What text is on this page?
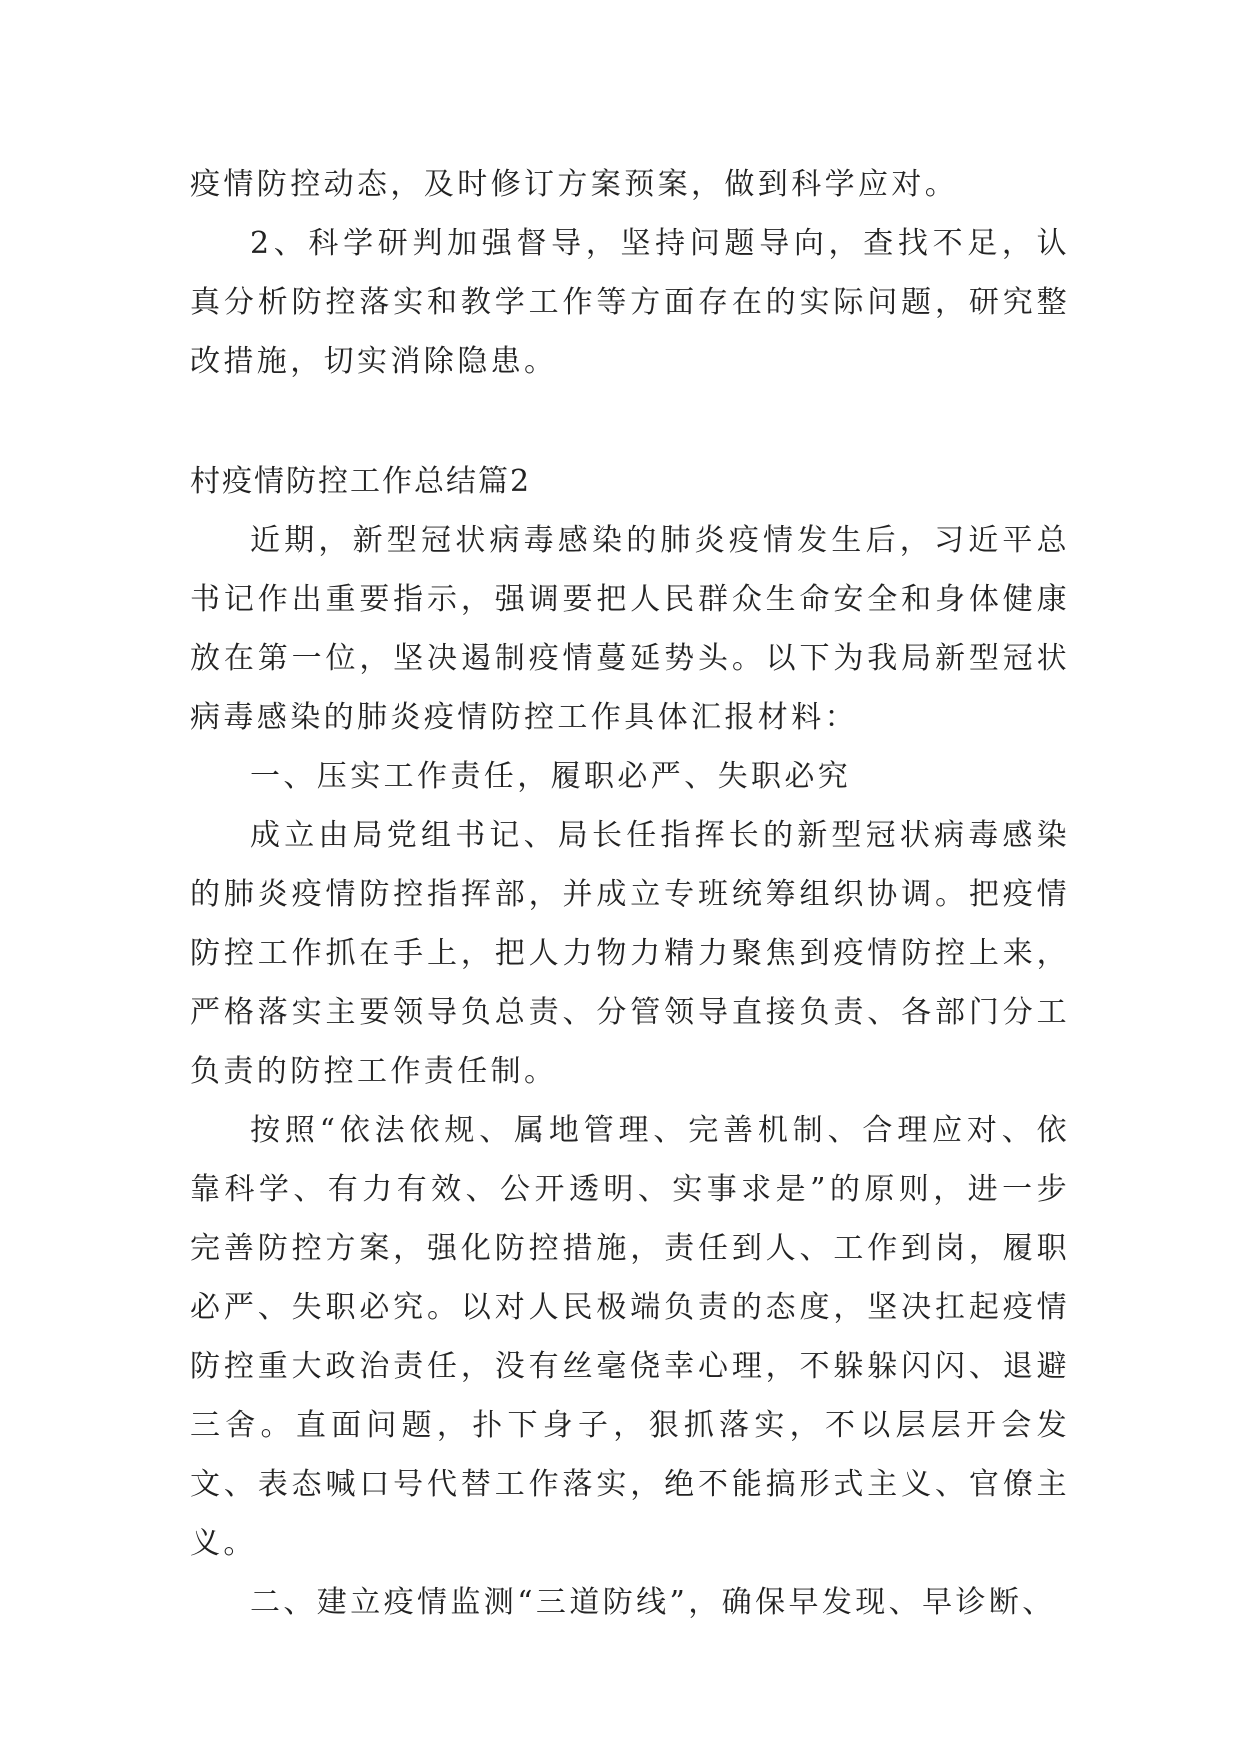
疫情防控动态，及时修订方案预案，做到科学应对。

2、科学研判加强督导，坚持问题导向，查找不足，认真分析防控落实和教学工作等方面存在的实际问题，研究整改措施，切实消除隐患。

村疫情防控工作总结篇2

近期，新型冠状病毒感染的肺炎疫情发生后，习近平总书记作出重要指示，强调要把人民群众生命安全和身体健康放在第一位，坚决遏制疫情蔓延势头。以下为我局新型冠状病毒感染的肺炎疫情防控工作具体汇报材料：

一、压实工作责任，履职必严、失职必究

成立由局党组书记、局长任指挥长的新型冠状病毒感染的肺炎疫情防控指挥部，并成立专班统筹组织协调。把疫情防控工作抓在手上，把人力物力精力聚焦到疫情防控上来，严格落实主要领导负总责、分管领导直接负责、各部门分工负责的防控工作责任制。

按照“依法依规、属地管理、完善机制、合理应对、依靠科学、有力有效、公开透明、实事求是”的原则，进一步完善防控方案，强化防控措施，责任到人、工作到岗，履职必严、失职必究。以对人民极端负责的态度，坚决扛起疫情防控重大政治责任，没有丝毫侥幸心理，不躲躲闪闪、退避三舍。直面问题，扑下身子，狠抓落实，不以层层开会发文、表态喊口号代替工作落实，绝不能搞形式主义、官僚主义。

二、建立疫情监测“三道防线”，确保早发现、早诊断、
